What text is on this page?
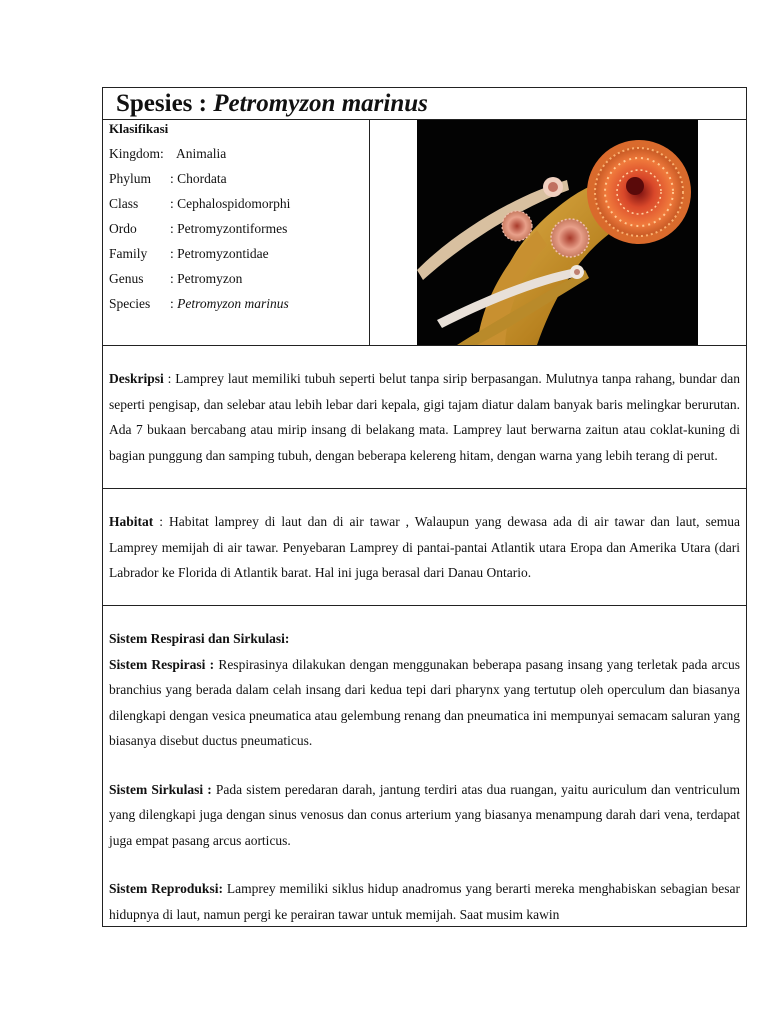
Spesies : Petromyzon marinus
Klasifikasi
Kingdom: Animalia
Phylum	: Chordata
Class	: Cephalospidomorphi
Ordo	: Petromyzontiformes
Family	: Petromyzontidae
Genus	: Petromyzon
Species	: Petromyzon marinus
Deskripsi : Lamprey laut memiliki tubuh seperti belut tanpa sirip berpasangan. Mulutnya tanpa rahang, bundar dan seperti pengisap, dan selebar atau lebih lebar dari kepala, gigi tajam diatur dalam banyak baris melingkar berurutan. Ada 7 bukaan bercabang atau mirip insang di belakang mata. Lamprey laut berwarna zaitun atau coklat-kuning di bagian punggung dan samping tubuh, dengan beberapa kelereng hitam, dengan warna yang lebih terang di perut.
Habitat : Habitat lamprey di laut dan di air tawar , Walaupun yang dewasa ada di air tawar dan laut, semua Lamprey memijah di air tawar. Penyebaran Lamprey di pantai-pantai Atlantik utara Eropa dan Amerika Utara (dari Labrador ke Florida di Atlantik barat. Hal ini juga berasal dari Danau Ontario.

Sistem Respirasi dan Sirkulasi:

Sistem Respirasi : Respirasinya dilakukan dengan menggunakan beberapa pasang insang yang terletak pada arcus branchius yang berada dalam celah insang dari kedua tepi dari pharynx yang tertutup oleh operculum dan biasanya dilengkapi dengan vesica pneumatica atau gelembung renang dan pneumatica ini mempunyai semacam saluran yang biasanya disebut ductus pneumaticus.

Sistem Sirkulasi : Pada sistem peredaran darah, jantung terdiri atas dua ruangan, yaitu auriculum dan ventriculum yang dilengkapi juga dengan sinus venosus dan conus arterium yang biasanya menampung darah dari vena, terdapat juga empat pasang arcus aorticus.

Sistem Reproduksi: Lamprey memiliki siklus hidup anadromus yang berarti mereka menghabiskan sebagian besar hidupnya di laut, namun pergi ke perairan tawar untuk memijah. Saat musim kawin
